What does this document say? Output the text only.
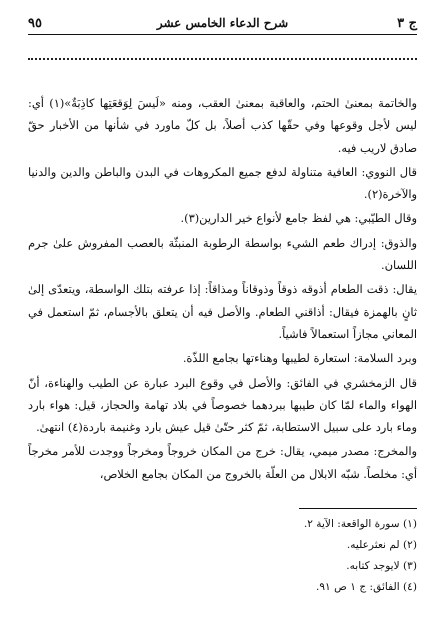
ج ٣
شرح الدعاء الخامس عشر
٩٥

والخاتمة بمعنىٰ الحتم، والعاقبة بمعنىٰ العقب، ومنه «لَيسَ لِوَقعَتِها كاذِبَةٌ»(١) أي: ليس لأجل وقوعها وفي حقّها كذب أصلاً، بل كلّ ماورد في شأنها من الأخبار حقّ صادق لاريب فيه.

قال النووي: العافية متناولة لدفع جميع المكروهات في البدن والباطن والدين والدنيا والآخرة(٢).

وقال الطيّبي: هي لفظ جامع لأنواع خير الدارين(٣).

والذوق: إدراك طعم الشيء بواسطة الرطوبة المنبثّة بالعصب المفروش علىٰ جرم اللسان.

يقال: ذقت الطعام أذوقه ذوقاً وذوقاناً ومذاقاً: إذا عرفته بتلك الواسطة، ويتعدّى إلىٰ ثانٍ بالهمزة فيقال: أذاقني الطعام. والأصل فيه أن يتعلق بالأجسام، ثمّ استعمل في المعاني مجازاً استعمالاً فاشياً.

وبرد السلامة: استعارة لطيبها وهناءتها بجامع اللذّة.

قال الزمخشري في الفائق: والأصل في وقوع البرد عبارة عن الطيب والهناءة، أنّ الهواء والماء لمّا كان طيبها ببردهما خصوصاً في بلاد تهامة والحجاز، قيل: هواء بارد وماء بارد على سبيل الاستطابة، ثمّ كثر حتّىٰ قيل عيش بارد وغنيمة باردة(٤) انتهىٰ.

والمخرج: مصدر ميمي، يقال: خرج من المكان خروجاً ومخرجاً ووجدت للأمر مخرجاً أي: مخلصاً. شبّه الابلال من العلّة بالخروج من المكان بجامع الخلاص،

(١) سورة الواقعة: الآية ٢.
(٢) لم نعثرعليه.
(٣) لايوجد كتابه.
(٤) الفائق: ج ١ ص ٩١.
